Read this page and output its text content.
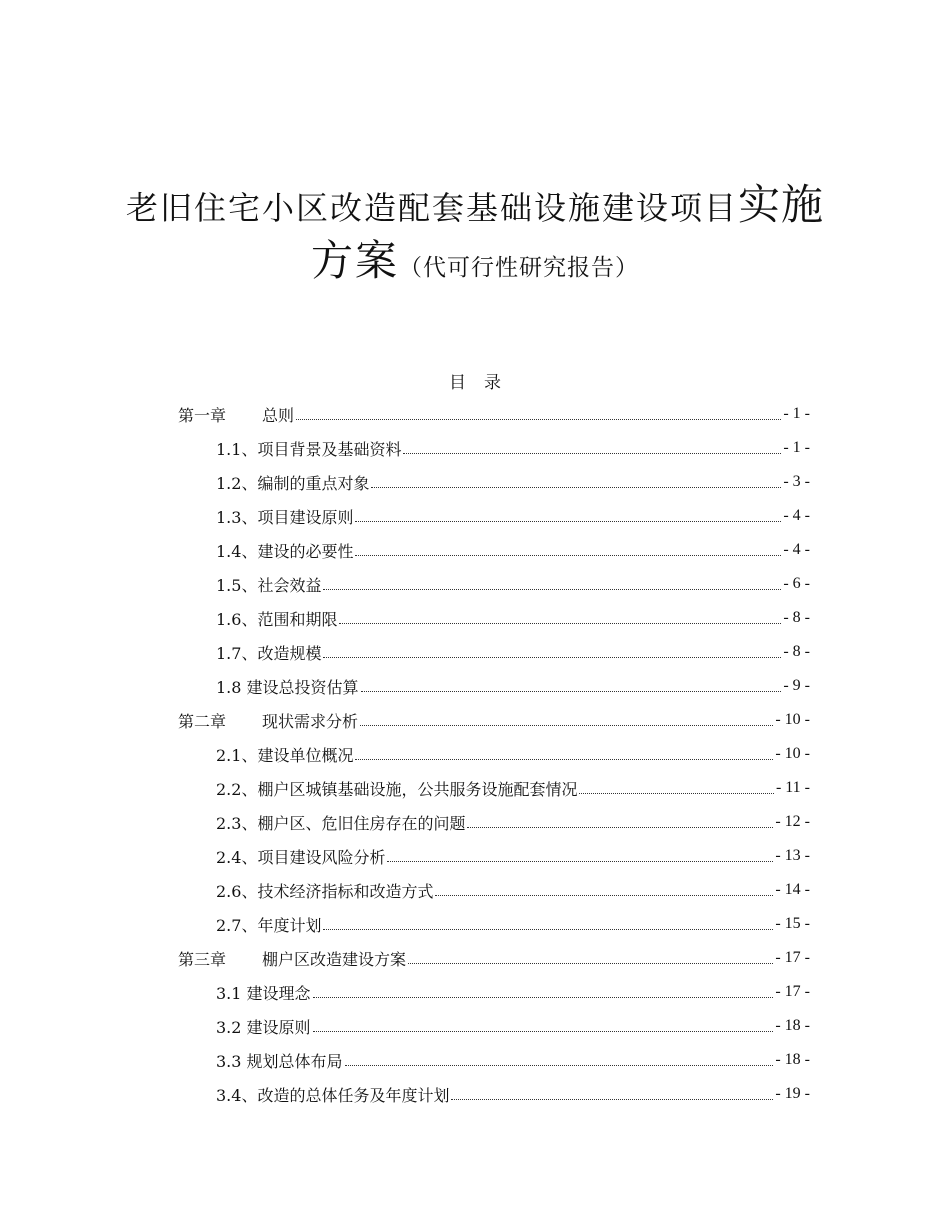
老旧住宅小区改造配套基础设施建设项目实施
方案（代可行性研究报告）
目录
第一章	总则	- 1 -
1.1、项目背景及基础资料	- 1 -
1.2、编制的重点对象	- 3 -
1.3、项目建设原则	- 4 -
1.4、建设的必要性	- 4 -
1.5、社会效益	- 6 -
1.6、范围和期限	- 8 -
1.7、改造规模	- 8 -
1.8 建设总投资估算	- 9 -
第二章	现状需求分析	- 10 -
2.1、建设单位概况	- 10 -
2.2、棚户区城镇基础设施，公共服务设施配套情况	- 11 -
2.3、棚户区、危旧住房存在的问题	- 12 -
2.4、项目建设风险分析	- 13 -
2.6、技术经济指标和改造方式	- 14 -
2.7、年度计划	- 15 -
第三章	棚户区改造建设方案	- 17 -
3.1 建设理念	- 17 -
3.2 建设原则	- 18 -
3.3 规划总体布局	- 18 -
3.4、改造的总体任务及年度计划	- 19 -
